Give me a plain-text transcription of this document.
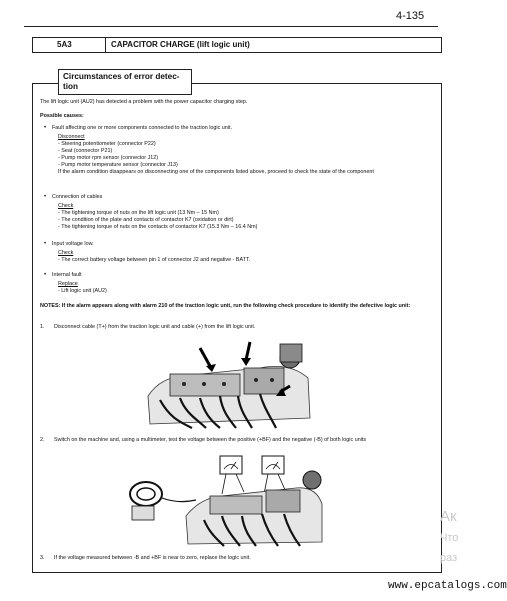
4-135
5A3	CAPACITOR CHARGE (lift logic unit)
Circumstances of error detec-
tion
The lift logic unit (AU2) has detected a problem with the power capacitor charging step.
Possible causes:
• Fault affecting one or more components connected to the traction logic unit.
Disconnect
- Steering potentiometer (connector P22)
- Seat (connector P21)
- Pump motor rpm sensor (connector J12)
- Pump motor temperature sensor (connector J13)
If the alarm condition disappears on disconnecting one of the components listed above, proceed to check the state of the component
• Connection of cables
Check
- The tightening torque of nuts on the lift logic unit (13 Nm – 15 Nm)
- The condition of the plate and contacts of contactor K7 (oxidation or dirt)
- The tightening torque of nuts on the contacts of contactor K7 (15.3 Nm – 16.4 Nm)
• Input voltage low.
Check
- The correct battery voltage between pin 1 of connector J2 and negative - BATT.
• Internal fault
Replace
- Lift logic unit (AU2)
NOTES: If the alarm appears along with alarm 210 of the traction logic unit, run the following check procedure to identify the defective logic unit:
1. Disconnect cable (T+) from the traction logic unit and cable (+) from the lift logic unit.
2. Switch on the machine and, using a multimeter, test the voltage between the positive (+BF) and the negative (-B) of both logic units
3. If the voltage measured between -B and +BF is near to zero, replace the logic unit.
Ак
Что
раз
www.epcatalogs.com
